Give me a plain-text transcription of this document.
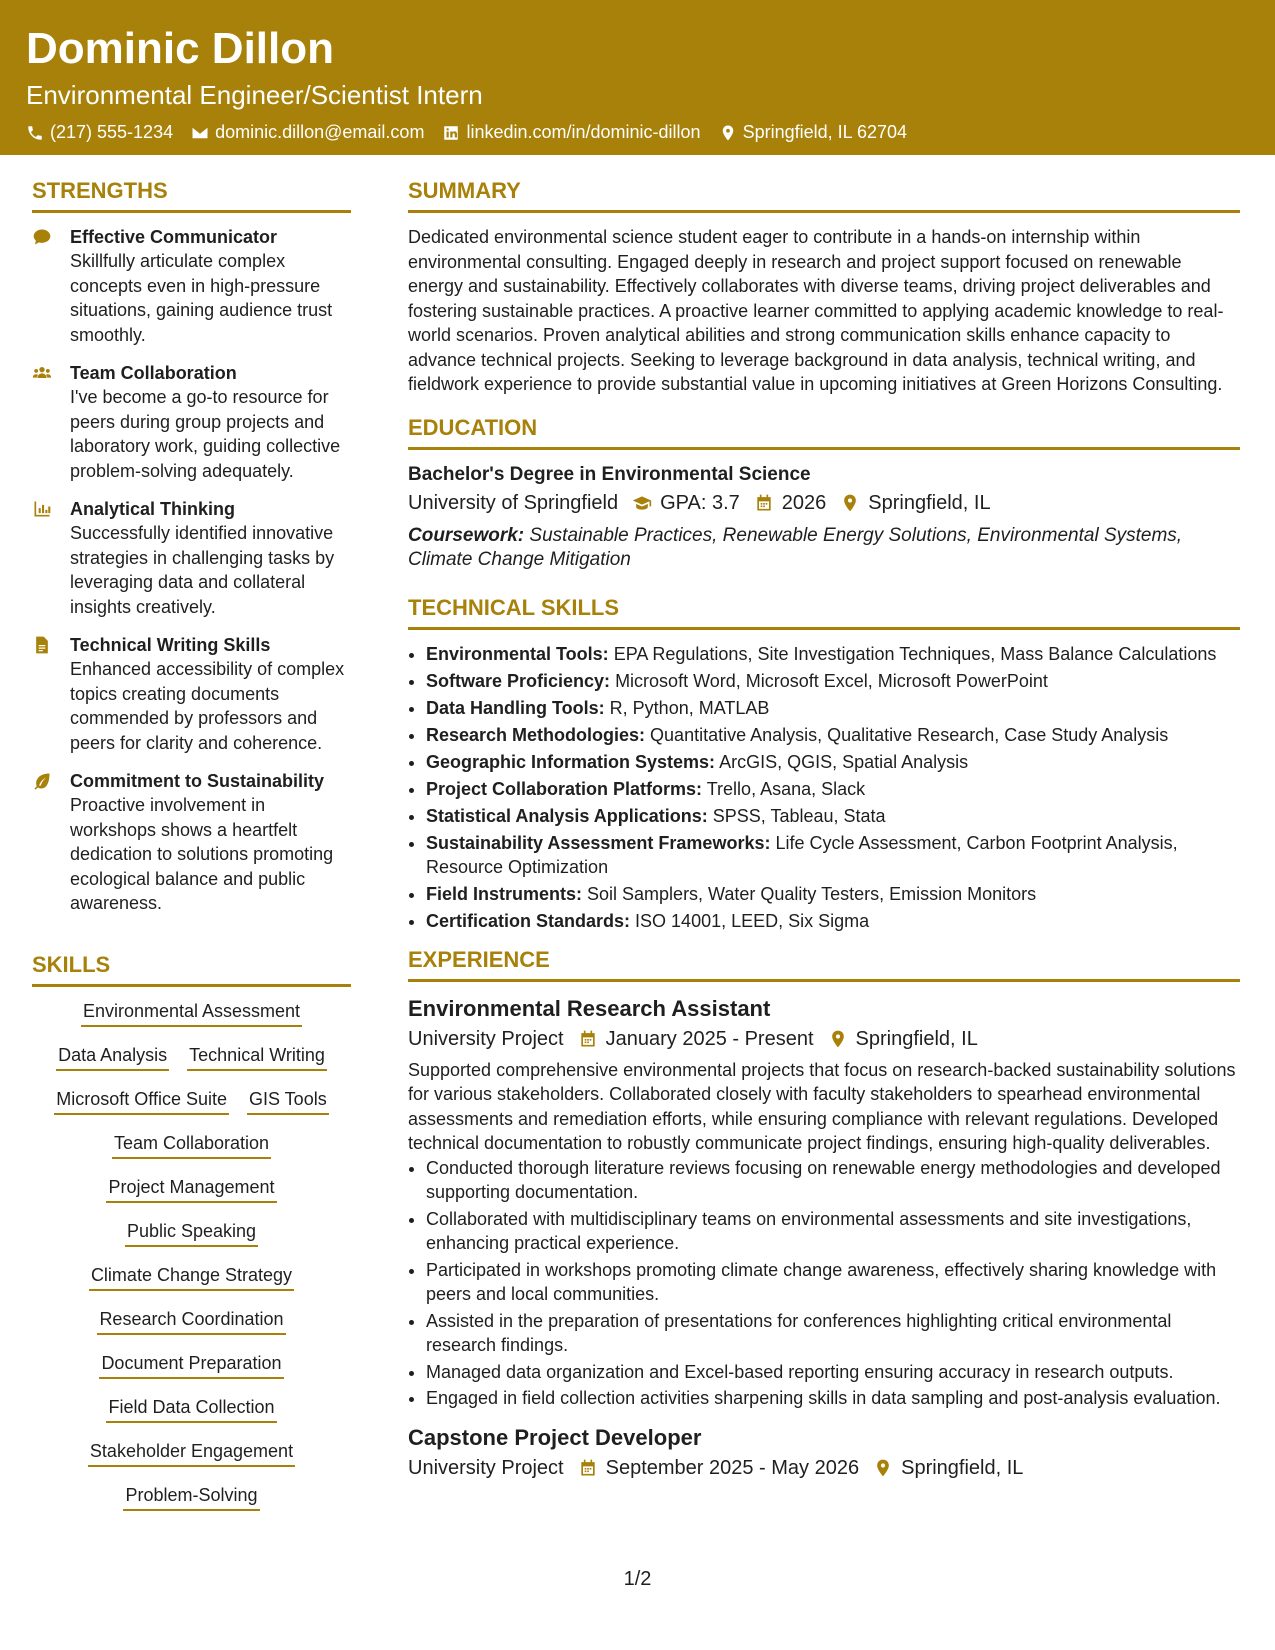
Dominic Dillon
Environmental Engineer/Scientist Intern
(217) 555-1234 dominic.dillon@email.com linkedin.com/in/dominic-dillon Springfield, IL 62704
STRENGTHS
Effective Communicator
Skillfully articulate complex concepts even in high-pressure situations, gaining audience trust smoothly.
Team Collaboration
I've become a go-to resource for peers during group projects and laboratory work, guiding collective problem-solving adequately.
Analytical Thinking
Successfully identified innovative strategies in challenging tasks by leveraging data and collateral insights creatively.
Technical Writing Skills
Enhanced accessibility of complex topics creating documents commended by professors and peers for clarity and coherence.
Commitment to Sustainability
Proactive involvement in workshops shows a heartfelt dedication to solutions promoting ecological balance and public awareness.
SKILLS
Environmental Assessment
Data Analysis Technical Writing
Microsoft Office Suite GIS Tools
Team Collaboration
Project Management
Public Speaking
Climate Change Strategy
Research Coordination
Document Preparation
Field Data Collection
Stakeholder Engagement
Problem-Solving
SUMMARY
Dedicated environmental science student eager to contribute in a hands-on internship within environmental consulting. Engaged deeply in research and project support focused on renewable energy and sustainability. Effectively collaborates with diverse teams, driving project deliverables and fostering sustainable practices. A proactive learner committed to applying academic knowledge to real-world scenarios. Proven analytical abilities and strong communication skills enhance capacity to advance technical projects. Seeking to leverage background in data analysis, technical writing, and fieldwork experience to provide substantial value in upcoming initiatives at Green Horizons Consulting.
EDUCATION
Bachelor's Degree in Environmental Science
University of Springfield GPA: 3.7 2026 Springfield, IL
Coursework: Sustainable Practices, Renewable Energy Solutions, Environmental Systems, Climate Change Mitigation
TECHNICAL SKILLS
• Environmental Tools: EPA Regulations, Site Investigation Techniques, Mass Balance Calculations
• Software Proficiency: Microsoft Word, Microsoft Excel, Microsoft PowerPoint
• Data Handling Tools: R, Python, MATLAB
• Research Methodologies: Quantitative Analysis, Qualitative Research, Case Study Analysis
• Geographic Information Systems: ArcGIS, QGIS, Spatial Analysis
• Project Collaboration Platforms: Trello, Asana, Slack
• Statistical Analysis Applications: SPSS, Tableau, Stata
• Sustainability Assessment Frameworks: Life Cycle Assessment, Carbon Footprint Analysis, Resource Optimization
• Field Instruments: Soil Samplers, Water Quality Testers, Emission Monitors
• Certification Standards: ISO 14001, LEED, Six Sigma
EXPERIENCE
Environmental Research Assistant
University Project January 2025 - Present Springfield, IL
Supported comprehensive environmental projects that focus on research-backed sustainability solutions for various stakeholders. Collaborated closely with faculty stakeholders to spearhead environmental assessments and remediation efforts, while ensuring compliance with relevant regulations. Developed technical documentation to robustly communicate project findings, ensuring high-quality deliverables.
• Conducted thorough literature reviews focusing on renewable energy methodologies and developed supporting documentation.
• Collaborated with multidisciplinary teams on environmental assessments and site investigations, enhancing practical experience.
• Participated in workshops promoting climate change awareness, effectively sharing knowledge with peers and local communities.
• Assisted in the preparation of presentations for conferences highlighting critical environmental research findings.
• Managed data organization and Excel-based reporting ensuring accuracy in research outputs.
• Engaged in field collection activities sharpening skills in data sampling and post-analysis evaluation.
Capstone Project Developer
University Project September 2025 - May 2026 Springfield, IL
1/2
